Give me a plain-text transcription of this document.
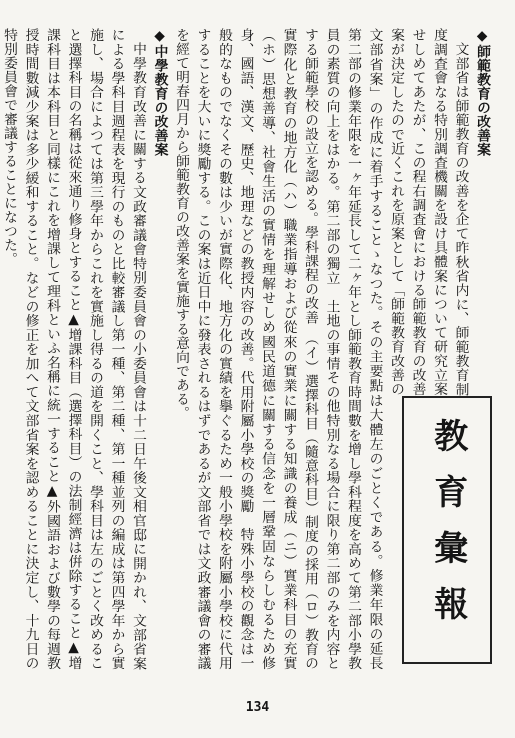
教育彙報

◆師範教育の改善案

文部省は師範教育の改善を企て昨秋省内に、師範教育制度調査會なる特別調査機關を設け具體案について研究立案せしめてあたが、この程右調査會における師範教育の改善案が決定したので近くこれを原案として「師範教育改善の文部省案」の作成に着手することゝなつた。その主要點は大體左のごとくである。修業年限の延長　第二部の修業年限を一ヶ年延長して二ヶ年とし師範教育時間數を增し學科程度を高めて第二部小學教員の素質の向上をはかる。第二部の獨立　土地の事情その他特別なる場合に限り第二部のみを内容とする師範學校の設立を認める。學科課程の改善　（イ）選擇科目（隨意科目）制度の採用（ロ）教育の實際化と教育の地方化（ハ）職業指導および從來の實業に關する知識の養成（ニ）實業科目の充實（ホ）思想善導、社會生活の實情を理解せしめ國民道德に關する信念を一層鞏固ならしむるため修身、國語、漢文、歷史、地理などの教授内容の改善。代用附屬小學校の獎勵　特殊小學校の觀念は一般的なものでなくその數は少いが實際化、地方化の實績を擧ぐるため一般小學校を附屬小學校に代用することを大いに獎勵する。この案は近日中に發表されるはずであるが文部省では文政審議會の審議を經て明春四月から師範教育の改善案を實施する意向である。

◆中學教育の改善案

中學教育改善に關する文政審議會特別委員會の小委員會は十二日午後文相官邸に開かれ、文部省案による學科目週程表を現行のものと比較審議し第一種、第二種、第一種並列の編成は第四學年から實施し、場合によつては第三學年からこれを實施し得るの道を開くこと、學科目は左のごとく改めること選擇科目の名稱は從來通り修身とすること▲增課科目（選擇科目）の法制經濟は倂除すること▲增課科目は本科目と同樣にこれを增課して理科といふ名稱に統一すること▲外國語および數學の每週教授時間數減少案は多少緩和すること。などの修正を加へて文部省案を認めることに決定し、十九日の特別委員會で審議することになつた。

134
